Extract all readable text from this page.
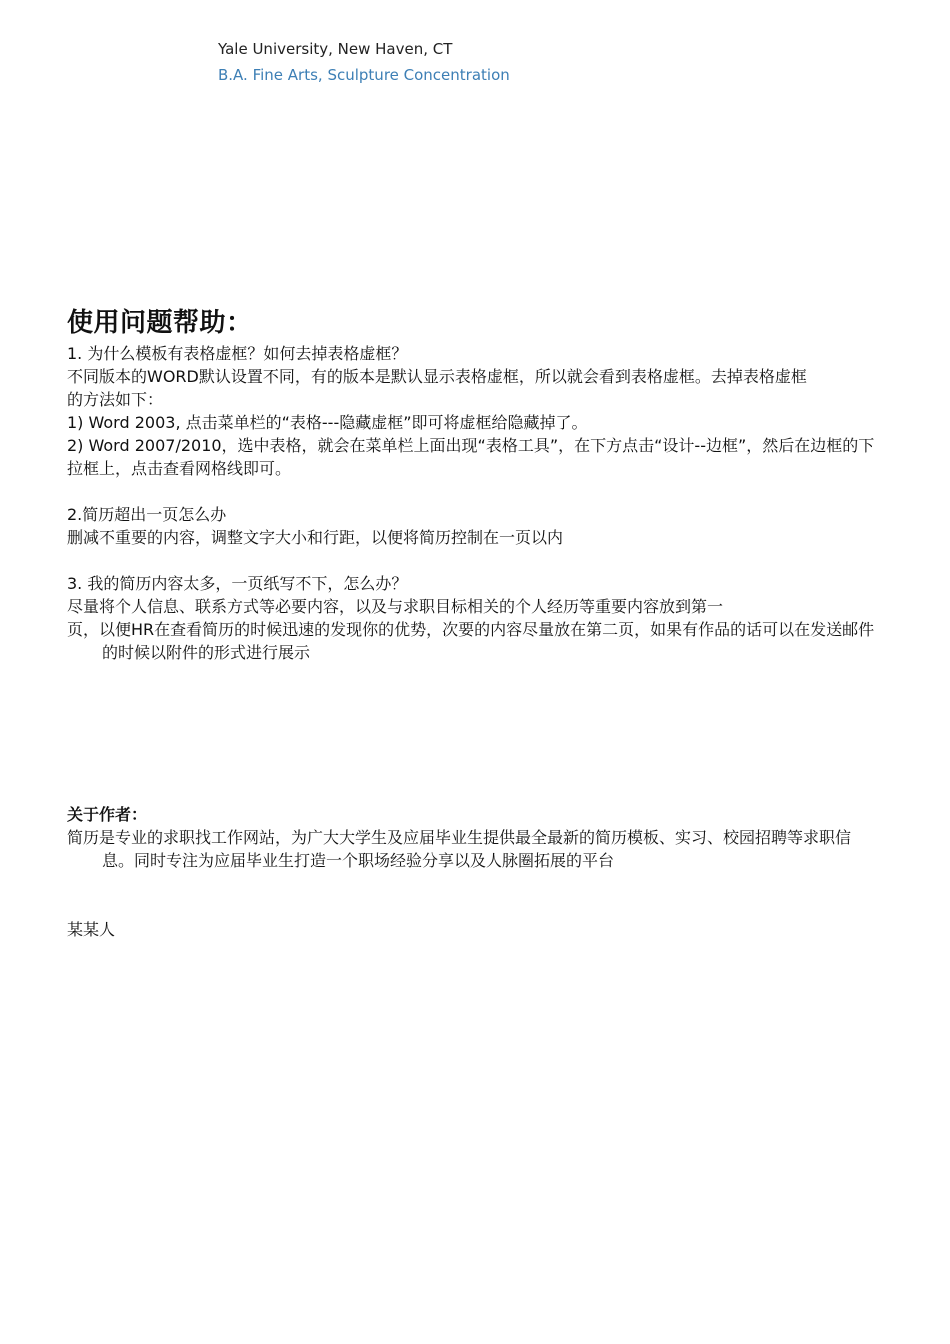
Yale University, New Haven, CT
B.A. Fine Arts, Sculpture Concentration
使用问题帮助：
1. 为什么模板有表格虚框？如何去掉表格虚框？
不同版本的WORD默认设置不同，有的版本是默认显示表格虚框，所以就会看到表格虚框。去掉表格虚框
的方法如下：
1) Word 2003, 点击菜单栏的“表格---隐藏虚框”即可将虚框给隐藏掉了。
2) Word 2007/2010，选中表格，就会在菜单栏上面出现“表格工具”，在下方点击“设计--边框”，然后在边框的下拉框上，点击查看网格线即可。
2.简历超出一页怎么办
删减不重要的内容，调整文字大小和行距，以便将简历控制在一页以内
3. 我的简历内容太多，一页纸写不下，怎么办？
尽量将个人信息、联系方式等必要内容，以及与求职目标相关的个人经历等重要内容放到第一
页，以便HR在查看简历的时候迅速的发现你的优势，次要的内容尽量放在第二页，如果有作品的话可以在发送邮件的时候以附件的形式进行展示
关于作者：
简历是专业的求职找工作网站，为广大大学生及应届毕业生提供最全最新的简历模板、实习、校园招聘等求职信息。同时专注为应届毕业生打造一个职场经验分享以及人脉圈拓展的平台
某某人
